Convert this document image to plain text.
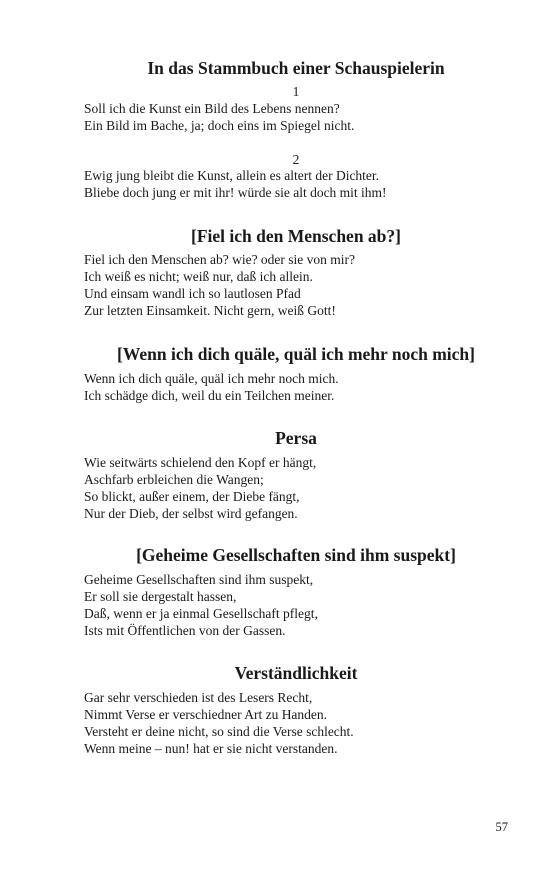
In das Stammbuch einer Schauspielerin
1
Soll ich die Kunst ein Bild des Lebens nennen?
Ein Bild im Bache, ja; doch eins im Spiegel nicht.
2
Ewig jung bleibt die Kunst, allein es altert der Dichter.
Bliebe doch jung er mit ihr! würde sie alt doch mit ihm!
[Fiel ich den Menschen ab?]
Fiel ich den Menschen ab? wie? oder sie von mir?
Ich weiß es nicht; weiß nur, daß ich allein.
Und einsam wandl ich so lautlosen Pfad
Zur letzten Einsamkeit. Nicht gern, weiß Gott!
[Wenn ich dich quäle, quäl ich mehr noch mich]
Wenn ich dich quäle, quäl ich mehr noch mich.
Ich schädge dich, weil du ein Teilchen meiner.
Persa
Wie seitwärts schielend den Kopf er hängt,
Aschfarb erbleichen die Wangen;
So blickt, außer einem, der Diebe fängt,
Nur der Dieb, der selbst wird gefangen.
[Geheime Gesellschaften sind ihm suspekt]
Geheime Gesellschaften sind ihm suspekt,
Er soll sie dergestalt hassen,
Daß, wenn er ja einmal Gesellschaft pflegt,
Ists mit Öffentlichen von der Gassen.
Verständlichkeit
Gar sehr verschieden ist des Lesers Recht,
Nimmt Verse er verschiedner Art zu Handen.
Versteht er deine nicht, so sind die Verse schlecht.
Wenn meine – nun! hat er sie nicht verstanden.
57
